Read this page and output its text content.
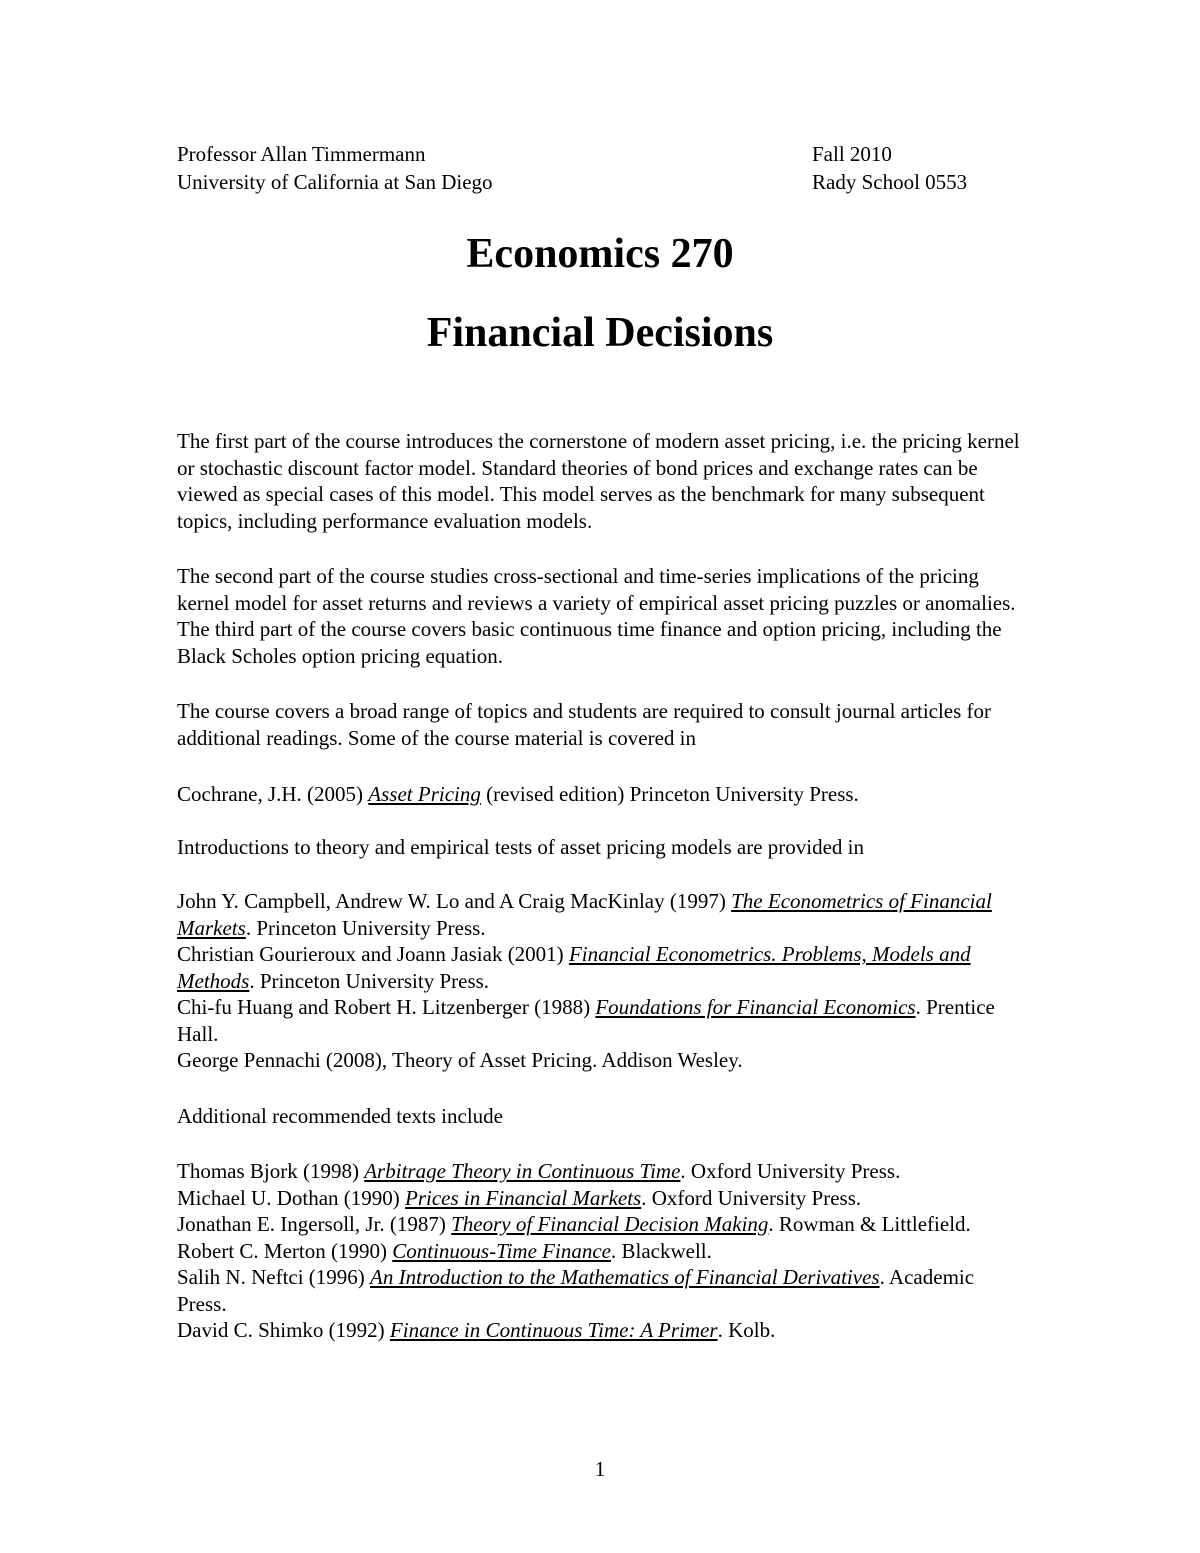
Professor Allan Timmermann
University of California at San Diego
Fall 2010
Rady School 0553
Economics 270
Financial Decisions

The first part of the course introduces the cornerstone of modern asset pricing, i.e. the pricing kernel or stochastic discount factor model. Standard theories of bond prices and exchange rates can be viewed as special cases of this model. This model serves as the benchmark for many subsequent topics, including performance evaluation models.

The second part of the course studies cross-sectional and time-series implications of the pricing kernel model for asset returns and reviews a variety of empirical asset pricing puzzles or anomalies. The third part of the course covers basic continuous time finance and option pricing, including the Black Scholes option pricing equation.

The course covers a broad range of topics and students are required to consult journal articles for additional readings. Some of the course material is covered in

Cochrane, J.H. (2005) Asset Pricing (revised edition) Princeton University Press.

Introductions to theory and empirical tests of asset pricing models are provided in

John Y. Campbell, Andrew W. Lo and A Craig MacKinlay (1997) The Econometrics of Financial Markets. Princeton University Press.

Christian Gourieroux and Joann Jasiak (2001) Financial Econometrics. Problems, Models and Methods. Princeton University Press.

Chi-fu Huang and Robert H. Litzenberger (1988) Foundations for Financial Economics. Prentice Hall.

George Pennachi (2008), Theory of Asset Pricing. Addison Wesley.

Additional recommended texts include

Thomas Bjork (1998) Arbitrage Theory in Continuous Time. Oxford University Press.

Michael U. Dothan (1990) Prices in Financial Markets. Oxford University Press.

Jonathan E. Ingersoll, Jr. (1987) Theory of Financial Decision Making. Rowman & Littlefield.

Robert C. Merton (1990) Continuous-Time Finance. Blackwell.

Salih N. Neftci (1996) An Introduction to the Mathematics of Financial Derivatives. Academic Press.

David C. Shimko (1992) Finance in Continuous Time: A Primer. Kolb.

1
